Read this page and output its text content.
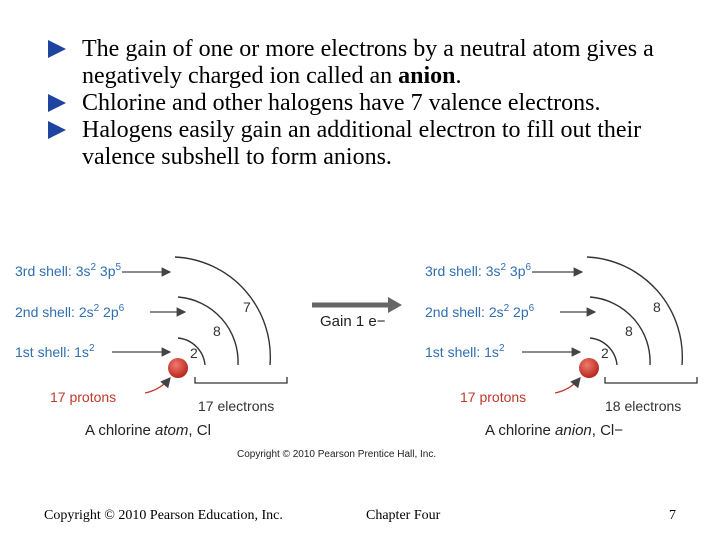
The gain of one or more electrons by a neutral atom gives a negatively charged ion called an anion.
Chlorine and other halogens have 7 valence electrons.
Halogens easily gain an additional electron to fill out their valence subshell to form anions.
3rd shell: $3s^2$ $3p^5$
2nd shell: $2s^2$ $2p^6$
1st shell: $1s^2$
7
8
2
17 protons
17 electrons
A chlorine atom, Cl
Gain 1 e−
3rd shell: $3s^2$ $3p^6$
2nd shell: $2s^2$ $2p^6$
1st shell: $1s^2$
8
8
2
17 protons
18 electrons
A chlorine anion, Cl−
Copyright © 2010 Pearson Prentice Hall, Inc.
Copyright © 2010 Pearson Education, Inc.	Chapter Four	7
